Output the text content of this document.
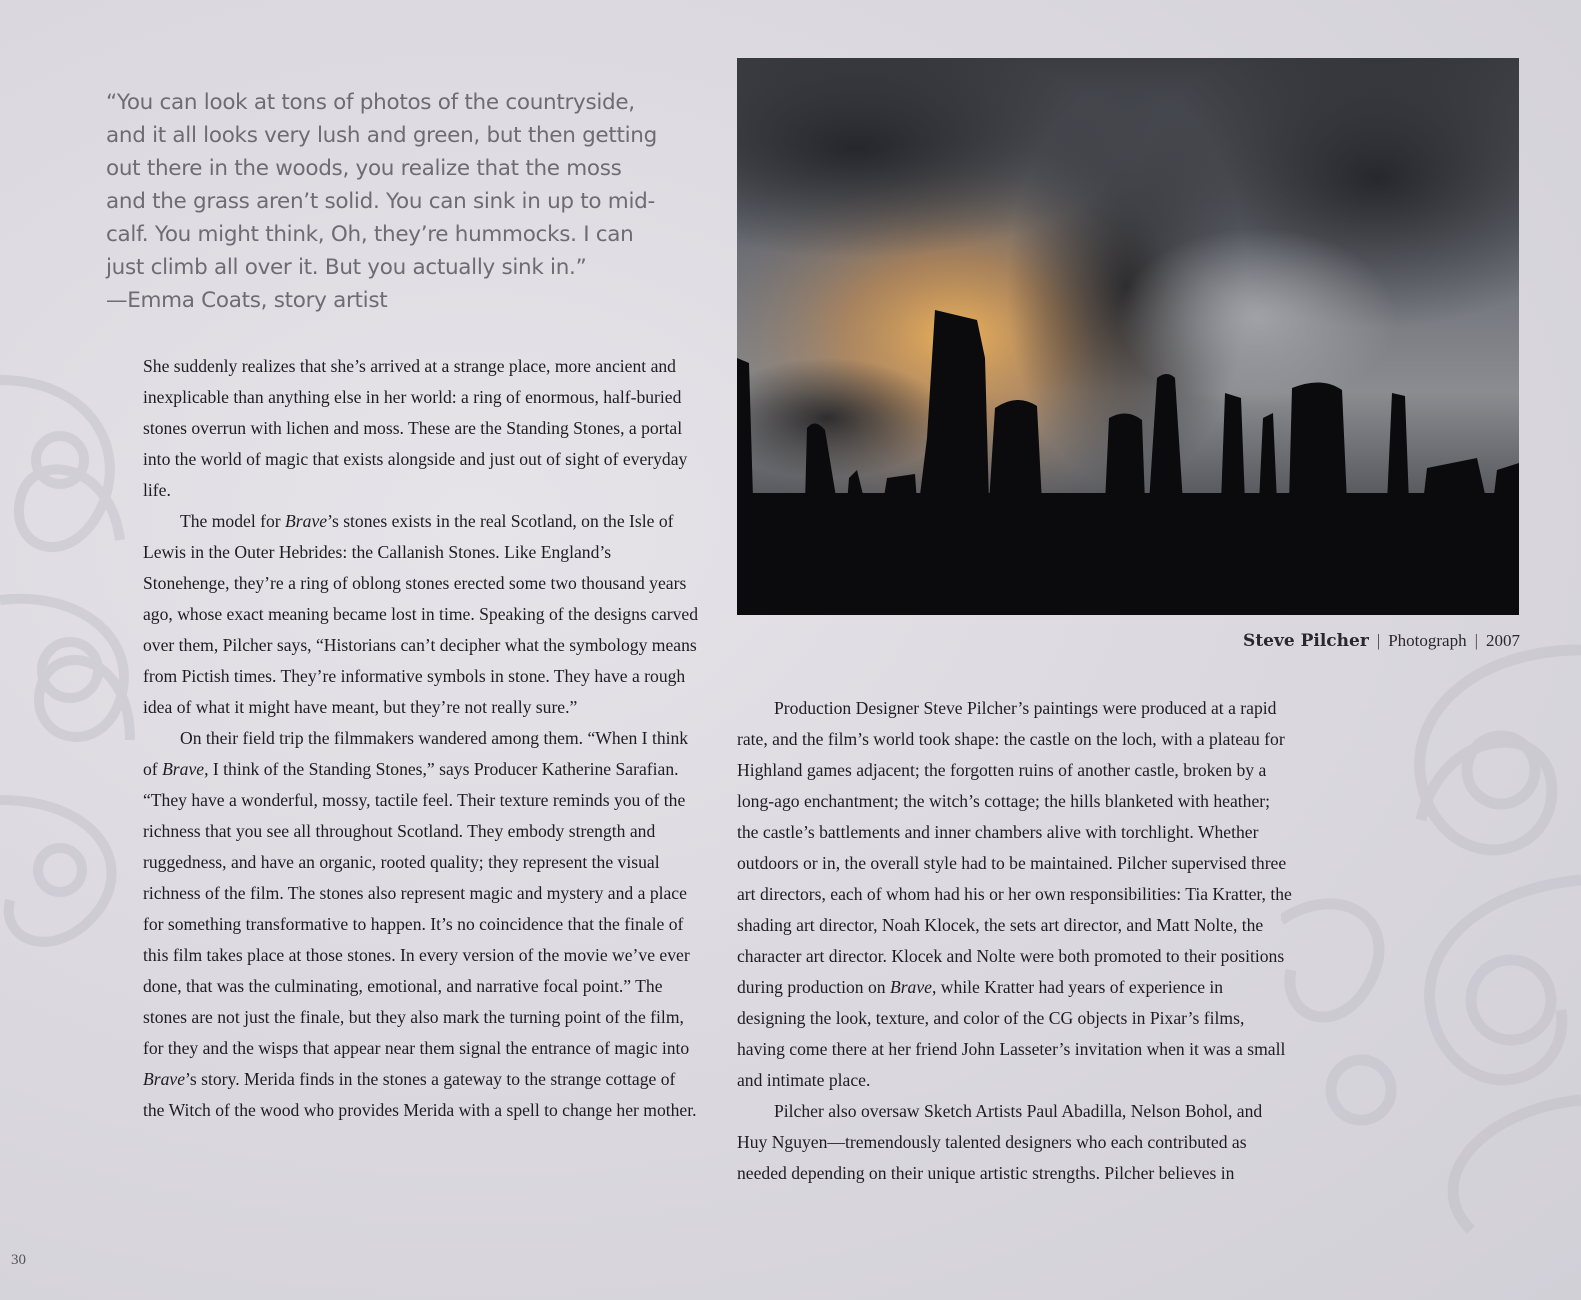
“You can look at tons of photos of the countryside,

and it all looks very lush and green, but then getting

out there in the woods, you realize that the moss

and the grass aren’t solid. You can sink in up to mid-

calf. You might think, Oh, they’re hummocks. I can

just climb all over it. But you actually sink in.”

—Emma Coats, story artist

She suddenly realizes that she’s arrived at a strange place, more ancient and inexplicable than anything else in her world: a ring of enormous, half-buried stones overrun with lichen and moss. These are the Standing Stones, a portal into the world of magic that exists alongside and just out of sight of everyday life.

The model for Brave’s stones exists in the real Scotland, on the Isle of Lewis in the Outer Hebrides: the Callanish Stones. Like England’s Stonehenge, they’re a ring of oblong stones erected some two thousand years ago, whose exact meaning became lost in time. Speaking of the designs carved over them, Pilcher says, “Historians can’t decipher what the symbology means from Pictish times. They’re informative symbols in stone. They have a rough idea of what it might have meant, but they’re not really sure.”

On their field trip the filmmakers wandered among them. “When I think of Brave, I think of the Standing Stones,” says Producer Katherine Sarafian. “They have a wonderful, mossy, tactile feel. Their texture reminds you of the richness that you see all throughout Scotland. They embody strength and ruggedness, and have an organic, rooted quality; they represent the visual richness of the film. The stones also represent magic and mystery and a place for something transformative to happen. It’s no coincidence that the finale of this film takes place at those stones. In every version of the movie we’ve ever done, that was the culminating, emotional, and narrative focal point.” The stones are not just the finale, but they also mark the turning point of the film, for they and the wisps that appear near them signal the entrance of magic into Brave’s story. Merida finds in the stones a gateway to the strange cottage of the Witch of the wood who provides Merida with a spell to change her mother.

Steve Pilcher | Photograph | 2007

Production Designer Steve Pilcher’s paintings were produced at a rapid rate, and the film’s world took shape: the castle on the loch, with a plateau for Highland games adjacent; the forgotten ruins of another castle, broken by a long-ago enchantment; the witch’s cottage; the hills blanketed with heather; the castle’s battlements and inner chambers alive with torchlight. Whether outdoors or in, the overall style had to be maintained. Pilcher supervised three art directors, each of whom had his or her own responsibilities: Tia Kratter, the shading art director, Noah Klocek, the sets art director, and Matt Nolte, the character art director. Klocek and Nolte were both promoted to their positions during production on Brave, while Kratter had years of experience in designing the look, texture, and color of the CG objects in Pixar’s films, having come there at her friend John Lasseter’s invitation when it was a small and intimate place.

Pilcher also oversaw Sketch Artists Paul Abadilla, Nelson Bohol, and Huy Nguyen—tremendously talented designers who each contributed as needed depending on their unique artistic strengths. Pilcher believes in

30
